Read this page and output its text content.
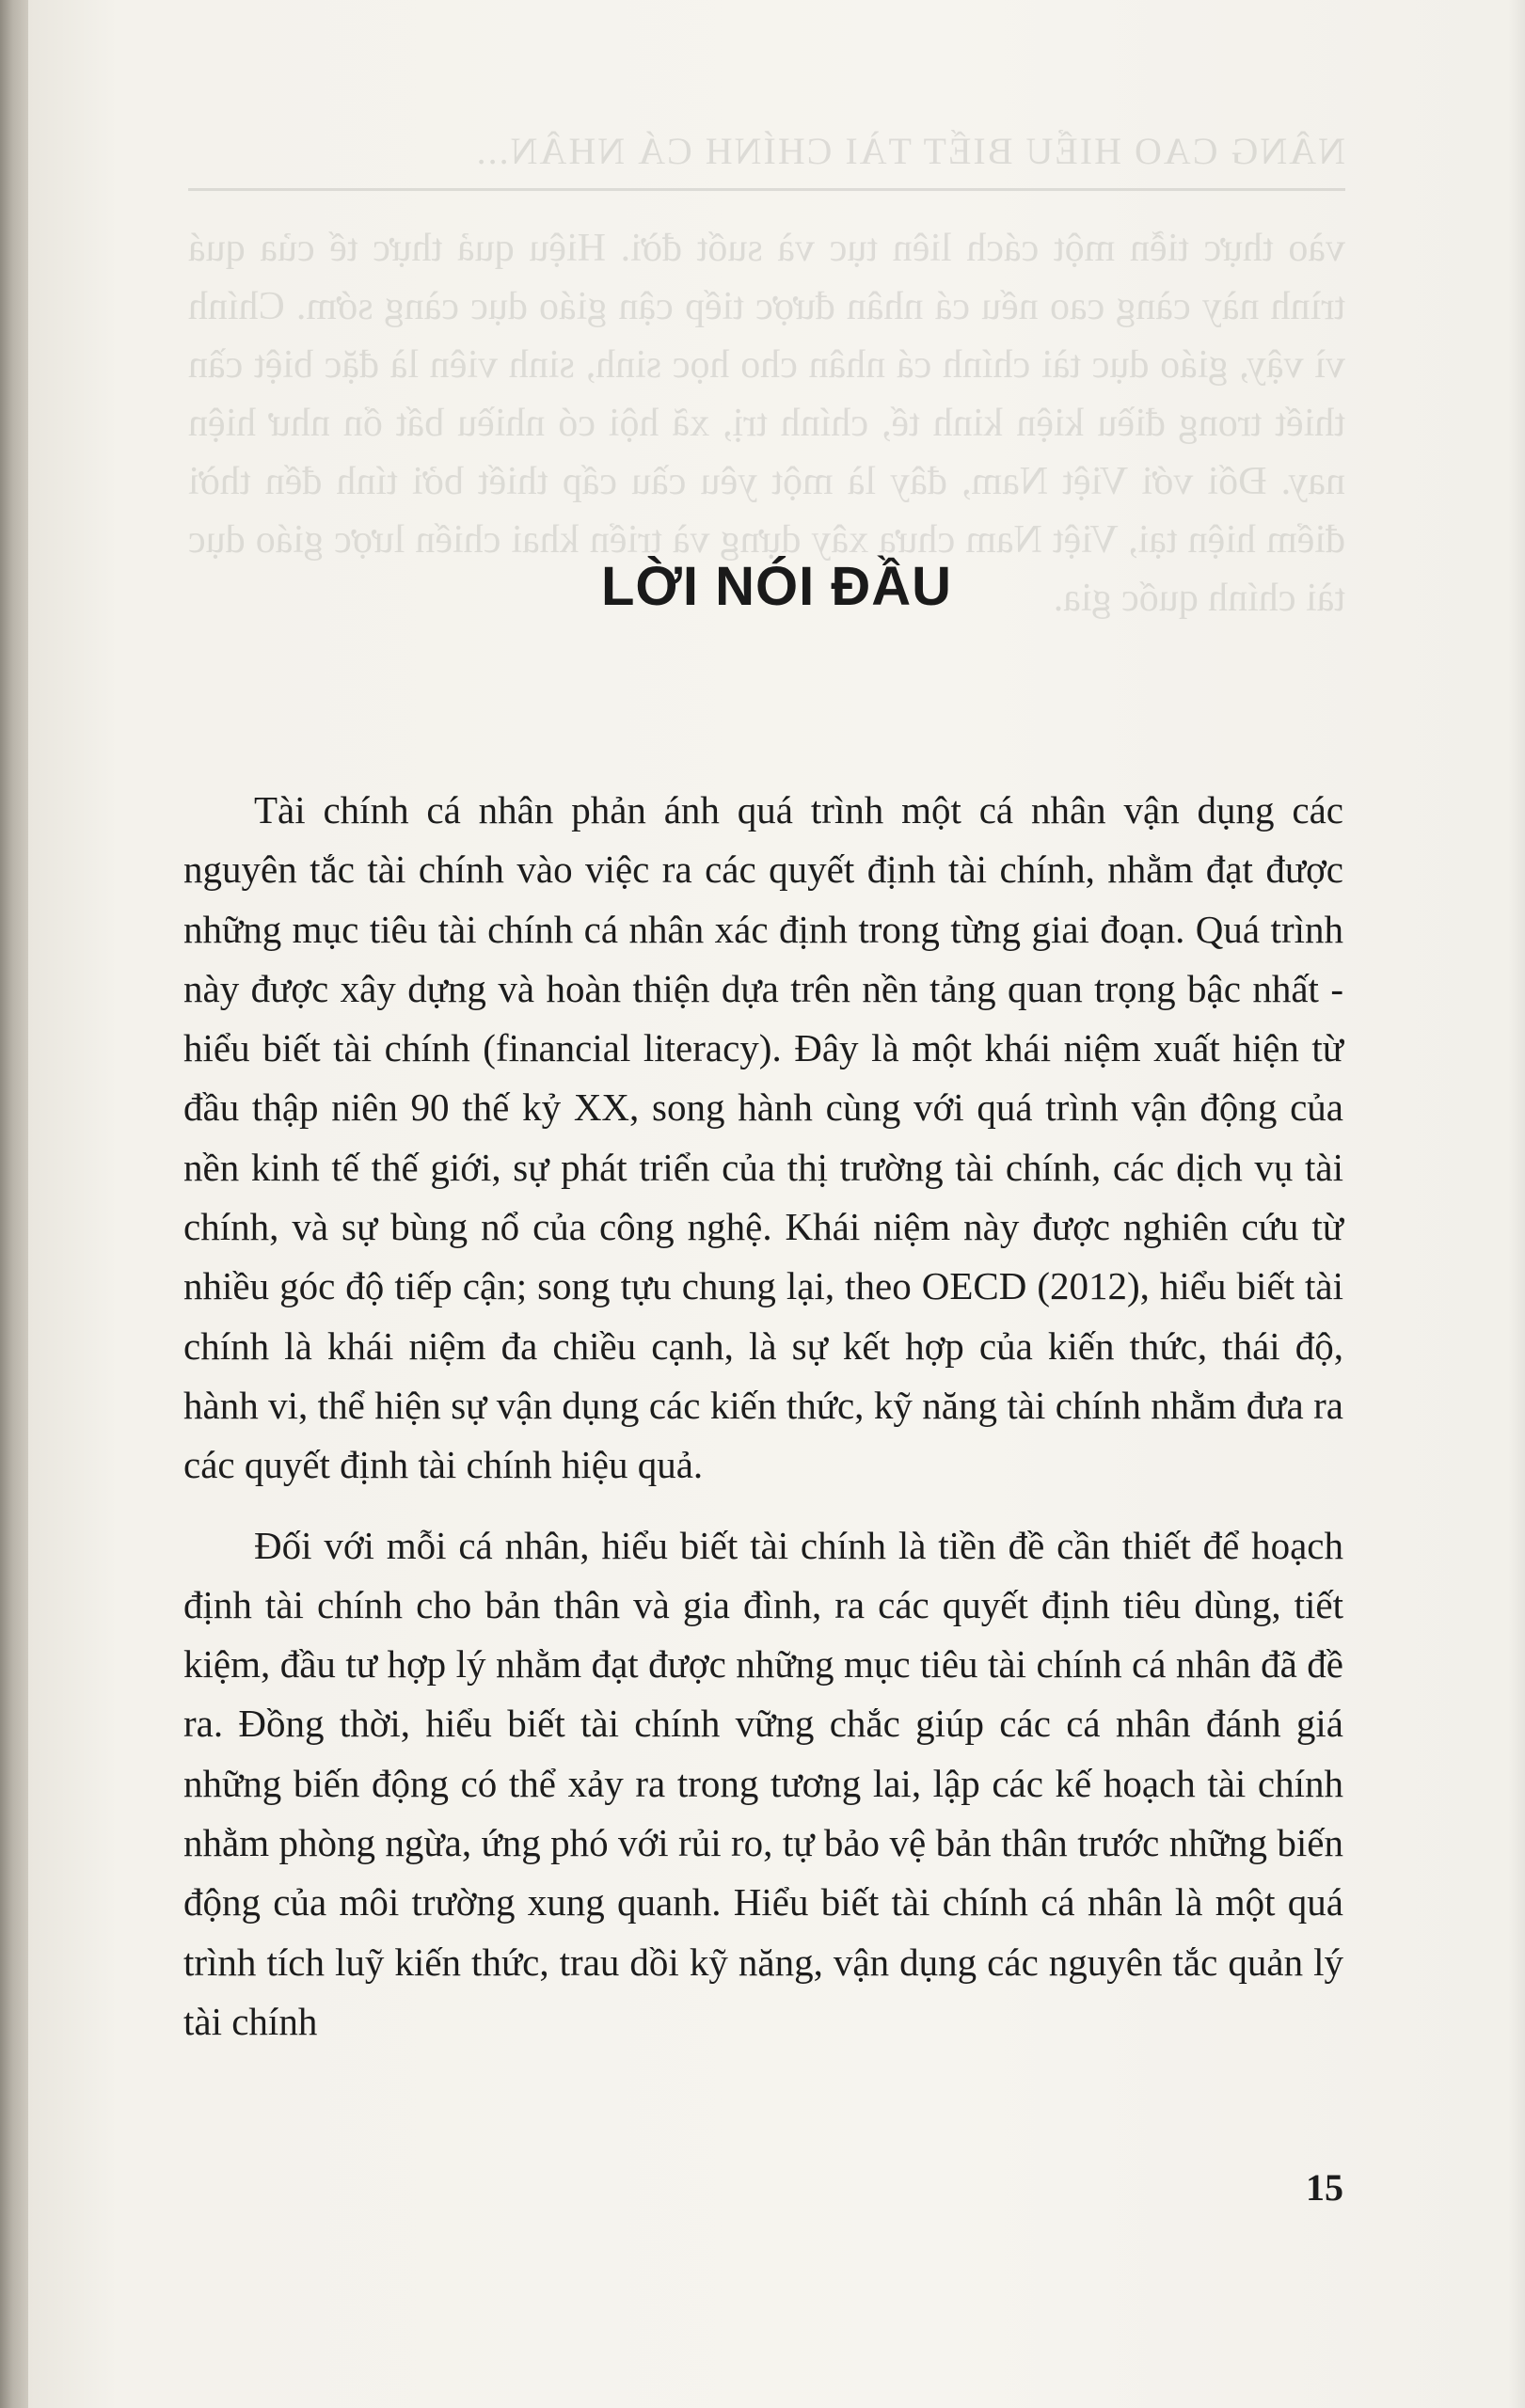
NÂNG CAO HIỂU BIẾT TÀI CHÍNH CÁ NHÂN...

vào thực tiễn một cách liên tục và suốt đời. Hiệu quả thực tế của quá trình này càng cao nếu cá nhân được tiếp cận giáo dục càng sớm. Chính vì vậy, giáo dục tài chính cá nhân cho học sinh, sinh viên là đặc biệt cần thiết trong điều kiện kinh tế, chính trị, xã hội có nhiều bất ổn như hiện nay. Đối với Việt Nam, đây là một yêu cầu cấp thiết bởi tính đến thời điểm hiện tại, Việt Nam chưa xây dựng và triển khai chiến lược giáo dục tài chính quốc gia.

LỜI NÓI ĐẦU

Tài chính cá nhân phản ánh quá trình một cá nhân vận dụng các nguyên tắc tài chính vào việc ra các quyết định tài chính, nhằm đạt được những mục tiêu tài chính cá nhân xác định trong từng giai đoạn. Quá trình này được xây dựng và hoàn thiện dựa trên nền tảng quan trọng bậc nhất - hiểu biết tài chính (financial literacy). Đây là một khái niệm xuất hiện từ đầu thập niên 90 thế kỷ XX, song hành cùng với quá trình vận động của nền kinh tế thế giới, sự phát triển của thị trường tài chính, các dịch vụ tài chính, và sự bùng nổ của công nghệ. Khái niệm này được nghiên cứu từ nhiều góc độ tiếp cận; song tựu chung lại, theo OECD (2012), hiểu biết tài chính là khái niệm đa chiều cạnh, là sự kết hợp của kiến thức, thái độ, hành vi, thể hiện sự vận dụng các kiến thức, kỹ năng tài chính nhằm đưa ra các quyết định tài chính hiệu quả.

Đối với mỗi cá nhân, hiểu biết tài chính là tiền đề cần thiết để hoạch định tài chính cho bản thân và gia đình, ra các quyết định tiêu dùng, tiết kiệm, đầu tư hợp lý nhằm đạt được những mục tiêu tài chính cá nhân đã đề ra. Đồng thời, hiểu biết tài chính vững chắc giúp các cá nhân đánh giá những biến động có thể xảy ra trong tương lai, lập các kế hoạch tài chính nhằm phòng ngừa, ứng phó với rủi ro, tự bảo vệ bản thân trước những biến động của môi trường xung quanh. Hiểu biết tài chính cá nhân là một quá trình tích luỹ kiến thức, trau dồi kỹ năng, vận dụng các nguyên tắc quản lý tài chính

15
